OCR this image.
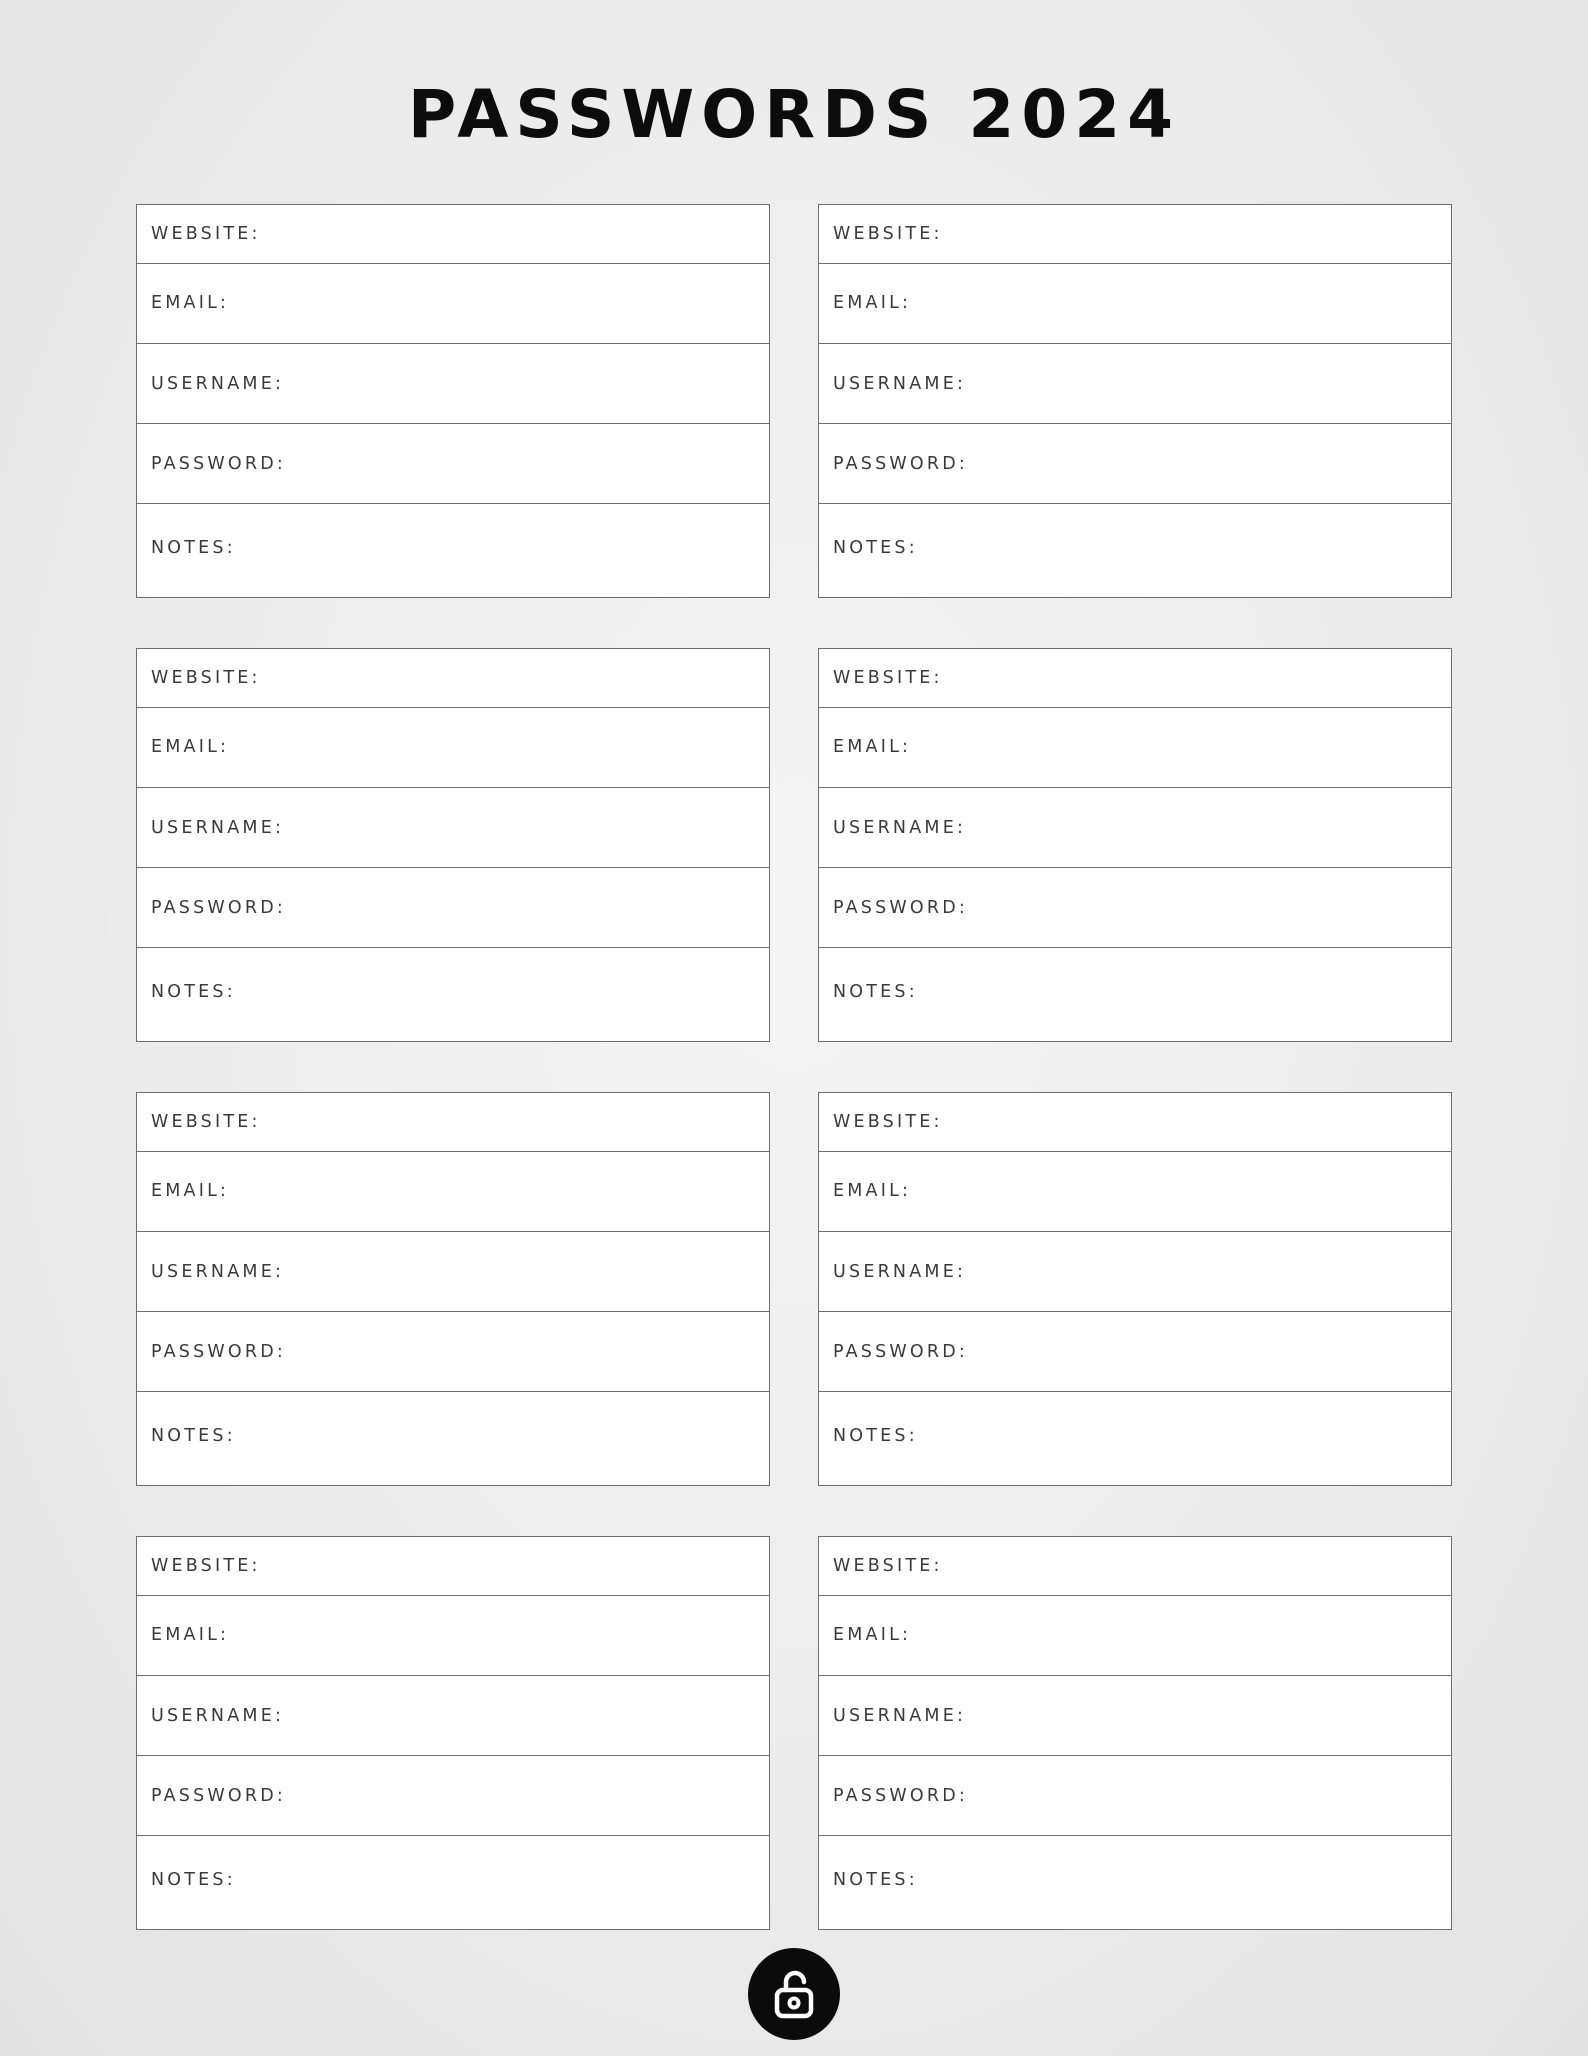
PASSWORDS 2024
WEBSITE:
EMAIL:
USERNAME:
PASSWORD:
NOTES:
WEBSITE:
EMAIL:
USERNAME:
PASSWORD:
NOTES:
WEBSITE:
EMAIL:
USERNAME:
PASSWORD:
NOTES:
WEBSITE:
EMAIL:
USERNAME:
PASSWORD:
NOTES:
WEBSITE:
EMAIL:
USERNAME:
PASSWORD:
NOTES:
WEBSITE:
EMAIL:
USERNAME:
PASSWORD:
NOTES:
WEBSITE:
EMAIL:
USERNAME:
PASSWORD:
NOTES:
WEBSITE:
EMAIL:
USERNAME:
PASSWORD:
NOTES:
